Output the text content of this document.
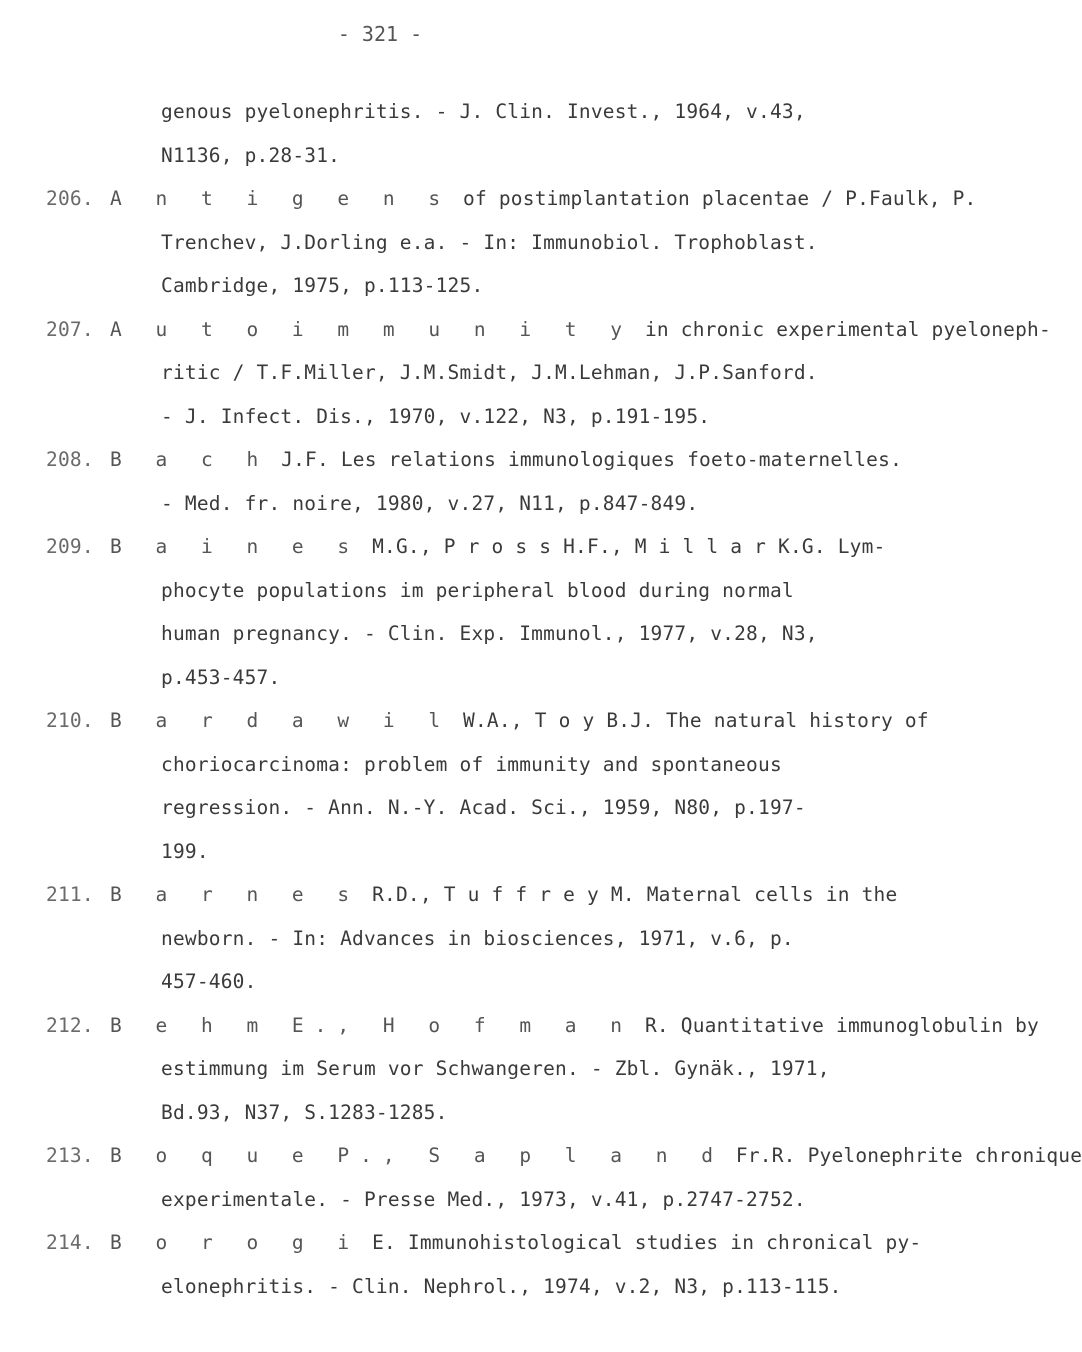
- 321 -
genous pyelonephritis. - J. Clin. Invest., 1964, v.43,
N1136, p.28-31.
206. A n t i g e n s of postimplantation placentae / P.Faulk, P.
Trenchev, J.Dorling e.a. - In: Immunobiol. Trophoblast.
Cambridge, 1975, p.113-125.
207. A u t o i m m u n i t y in chronic experimental pyeloneph-
ritic / T.F.Miller, J.M.Smidt, J.M.Lehman, J.P.Sanford.
- J. Infect. Dis., 1970, v.122, N3, p.191-195.
208. B a c h J.F. Les relations immunologiques foeto-maternelles.
- Med. fr. noire, 1980, v.27, N11, p.847-849.
209. B a i n e s M.G., P r o s s H.F., M i l l a r K.G. Lym-
phocyte populations im peripheral blood during normal
human pregnancy. - Clin. Exp. Immunol., 1977, v.28, N3,
p.453-457.
210. B a r d a w i l W.A., T o y B.J. The natural history of
choriocarcinoma: problem of immunity and spontaneous
regression. - Ann. N.-Y. Acad. Sci., 1959, N80, p.197-
199.
211. B a r n e s R.D., T u f f r e y M. Maternal cells in the
newborn. - In: Advances in biosciences, 1971, v.6, p.
457-460.
212. B e h m E., H o f m a n R. Quantitative immunoglobulin by
estimmung im Serum vor Schwangeren. - Zbl. Gynäk., 1971,
Bd.93, N37, S.1283-1285.
213. B o q u e P., S a p l a n d Fr.R. Pyelonephrite chronique
experimentale. - Presse Med., 1973, v.41, p.2747-2752.
214. B o r o g i E. Immunohistological studies in chronical py-
elonephritis. - Clin. Nephrol., 1974, v.2, N3, p.113-115.
